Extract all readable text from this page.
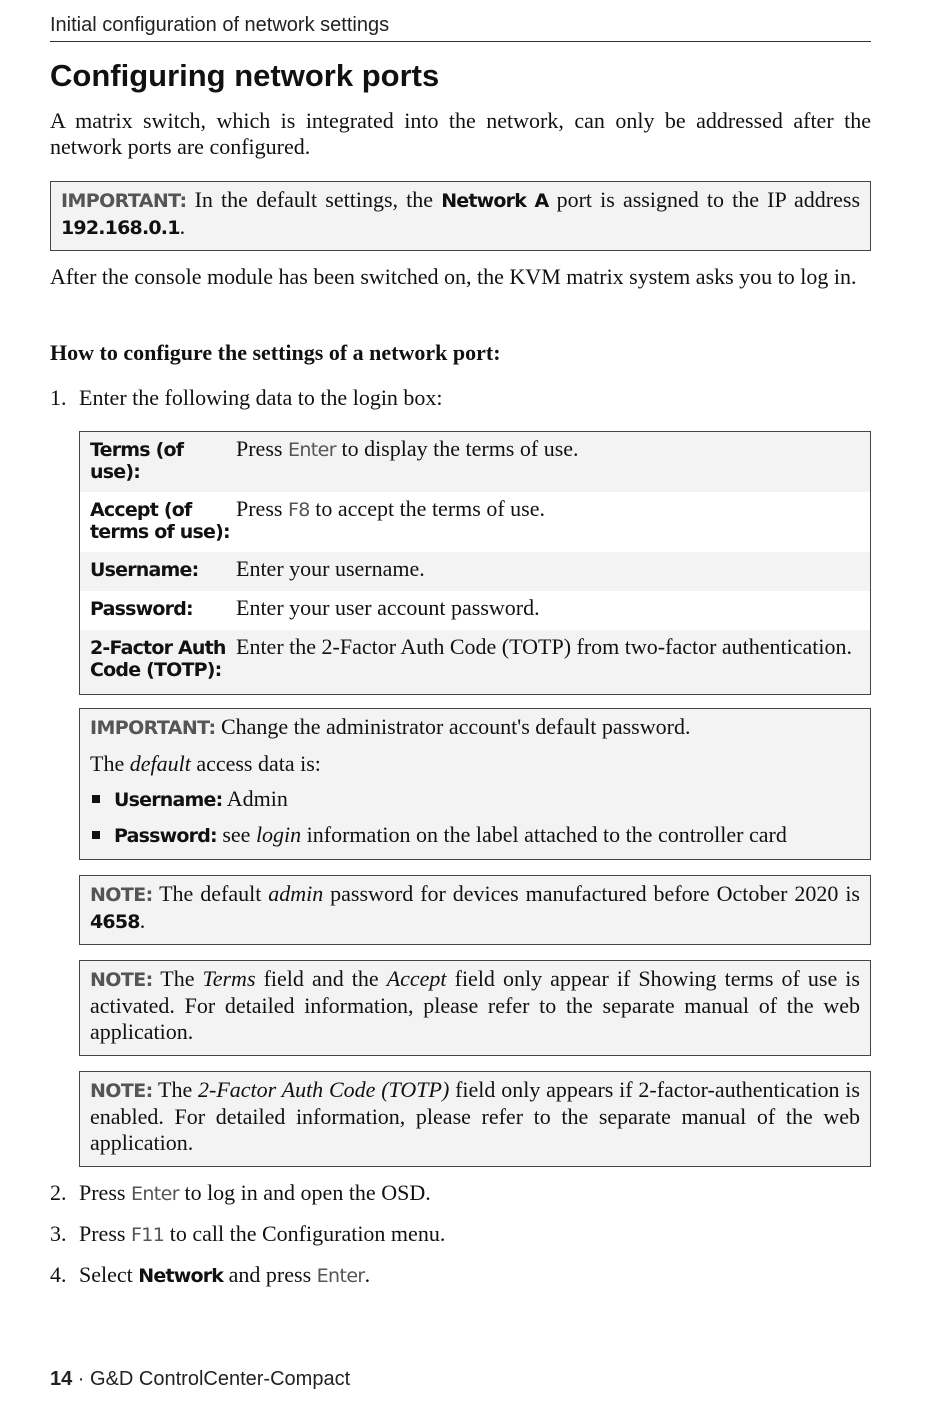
Initial configuration of network settings
Configuring network ports
A matrix switch, which is integrated into the network, can only be addressed after the network ports are configured.
IMPORTANT: In the default settings, the Network A port is assigned to the IP address 192.168.0.1.
After the console module has been switched on, the KVM matrix system asks you to log in.
How to configure the settings of a network port:
1. Enter the following data to the login box:
Terms (of use):
Press Enter to display the terms of use.
Accept (of terms of use):
Press F8 to accept the terms of use.
Username:	Enter your username.
Password:	Enter your user account password.
2-Factor Auth Code (TOTP):
Enter the 2-Factor Auth Code (TOTP) from two-factor authentication.
IMPORTANT: Change the administrator account's default password.
The default access data is:
Username: Admin
Password: see login information on the label attached to the controller card
NOTE: The default admin password for devices manufactured before October 2020 is 4658.
NOTE: The Terms field and the Accept field only appear if Showing terms of use is activated. For detailed information, please refer to the separate manual of the web application.
NOTE: The 2-Factor Auth Code (TOTP) field only appears if 2-factor-authentication is enabled. For detailed information, please refer to the separate manual of the web application.
2. Press Enter to log in and open the OSD.
3. Press F11 to call the Configuration menu.
4. Select Network and press Enter.
14 · G&D ControlCenter-Compact
